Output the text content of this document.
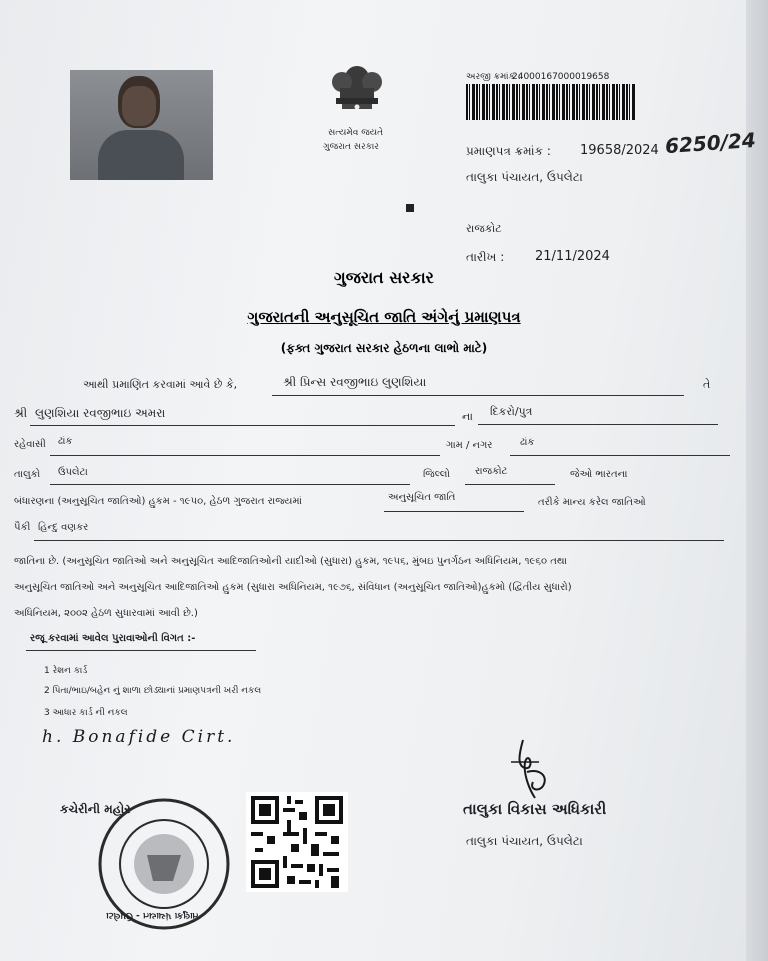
સત્યમેવ જયતે
ગુજરાત સરકાર
અરજી ક્રમાંક :
24000167000019658
પ્રમાણપત્ર ક્રમાંક : 19658/2024 6250/24
તાલુકા પંચાયત, ઉપલેટા
રાજકોટ
તારીખ : 21/11/2024
ગુજરાત સરકાર
ગુજરાતની અનુસૂચિત જાતિ અંગેનું પ્રમાણપત્ર
(ફક્ત ગુજરાત સરકાર હેઠળના લાભો માટે)
આથી પ્રમાણિત કરવામાં આવે છે કે,	શ્રી પ્રિન્સ રવજીભાઇ લુણશિયા	તે
શ્રી લુણશિયા રવજીભાઇ અમરા	ના દિકરો/પુત્ર
રહેવાસી ઢાંક	ગામ / નગર	ઢાંક
તાલુકો ઉપલેટા	જિલ્લો	રાજકોટ	જેઓ ભારતના
બંધારણના (અનુસૂચિત જાતિઓ) હુકમ - ૧૯૫૦, હેઠળ ગુજરાત રાજ્યમાં	અનુસૂચિત જાતિ	તરીકે માન્ય કરેલ જાતિઓ
પૈકી હિન્દુ વણકર
જાતિના છે. (અનુસૂચિત જાતિઓ અને અનુસૂચિત આદિજાતિઓની યાદીઓ (સુધારા) હુકમ, ૧૯૫૬, મુંબઇ પુનર્ગઠન અધિનિયમ, ૧૯૬૦ તથા
અનુસૂચિત જાતિઓ અને અનુસૂચિત આદિજાતિઓ હુકમ (સુધારા અધિનિયમ, ૧૯૭૬, સંવિધાન (અનુસૂચિત જાતિઓ)હુકમો (દ્વિતીય સુધારો)
અધિનિયમ, ૨૦૦૨ હેઠળ સુધારવામાં આવી છે.)
રજૂ કરવામાં આવેલ પુરાવાઓની વિગત :-
1 રેશન કાર્ડ
2 પિતા/ભાઇ/બહેન નું શાળા છોડ્યાનાં પ્રમાણપત્રની ખરી નકલ
3 આધાર કાર્ડ ની નકલ
h. Bonafide Cirt.
કચેરીની મહોર
તાલુકા પંચાયત - ઉપલેટા
તાલુકા વિકાસ અધિકારી
તાલુકા પંચાયત, ઉપલેટા
